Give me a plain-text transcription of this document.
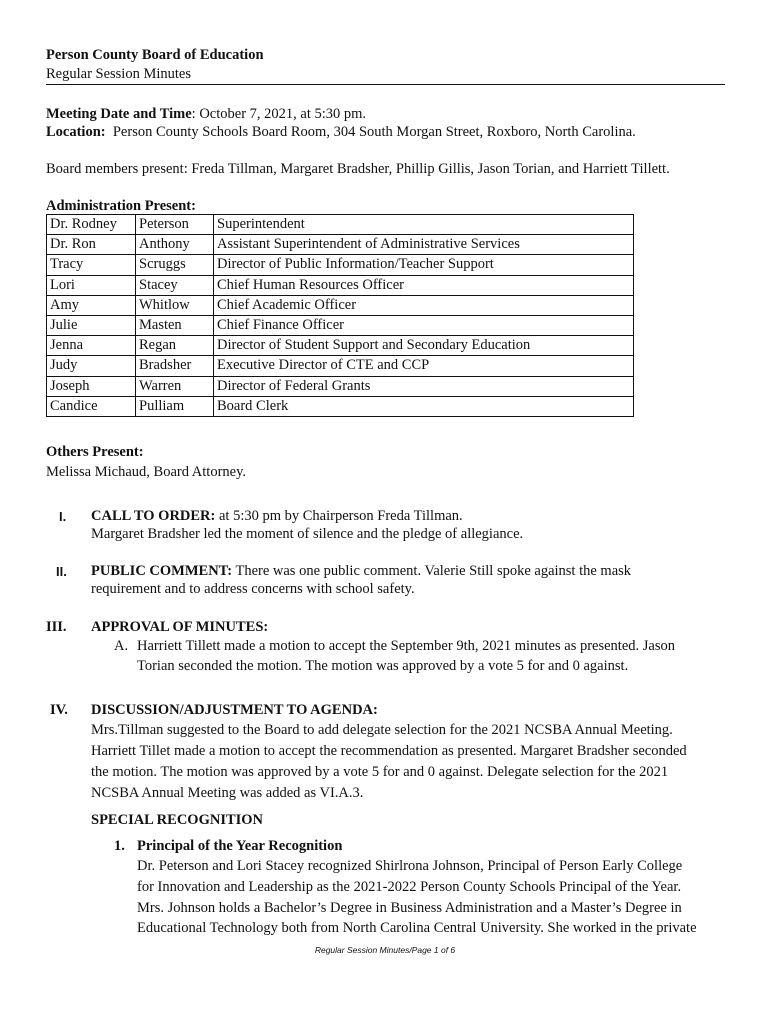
Person County Board of Education
Regular Session Minutes
Meeting Date and Time: October 7, 2021, at 5:30 pm.
Location:  Person County Schools Board Room, 304 South Morgan Street, Roxboro, North Carolina.
Board members present: Freda Tillman, Margaret Bradsher, Phillip Gillis, Jason Torian, and Harriett Tillett.
Administration Present:
Dr. Rodney	Peterson	Superintendent
Dr. Ron	Anthony	Assistant Superintendent of Administrative Services
Tracy	Scruggs	Director of Public Information/Teacher Support
Lori	Stacey	Chief Human Resources Officer
Amy	Whitlow	Chief Academic Officer
Julie	Masten	Chief Finance Officer
Jenna	Regan	Director of Student Support and Secondary Education
Judy	Bradsher	Executive Director of CTE and CCP
Joseph	Warren	Director of Federal Grants
Candice	Pulliam	Board Clerk
Others Present:
Melissa Michaud, Board Attorney.
I. CALL TO ORDER: at 5:30 pm by Chairperson Freda Tillman.
Margaret Bradsher led the moment of silence and the pledge of allegiance.
II. PUBLIC COMMENT: There was one public comment. Valerie Still spoke against the mask
requirement and to address concerns with school safety.
III. APPROVAL OF MINUTES:
A. Harriett Tillett made a motion to accept the September 9th, 2021 minutes as presented. Jason
Torian seconded the motion. The motion was approved by a vote 5 for and 0 against.
IV. DISCUSSION/ADJUSTMENT TO AGENDA:
Mrs.Tillman suggested to the Board to add delegate selection for the 2021 NCSBA Annual Meeting.
Harriett Tillet made a motion to accept the recommendation as presented. Margaret Bradsher seconded
the motion. The motion was approved by a vote 5 for and 0 against. Delegate selection for the 2021
NCSBA Annual Meeting was added as VI.A.3.
SPECIAL RECOGNITION
1. Principal of the Year Recognition
Dr. Peterson and Lori Stacey recognized Shirlrona Johnson, Principal of Person Early College
for Innovation and Leadership as the 2021-2022 Person County Schools Principal of the Year.
Mrs. Johnson holds a Bachelor’s Degree in Business Administration and a Master’s Degree in
Educational Technology both from North Carolina Central University. She worked in the private
Regular Session Minutes/Page 1 of 6
